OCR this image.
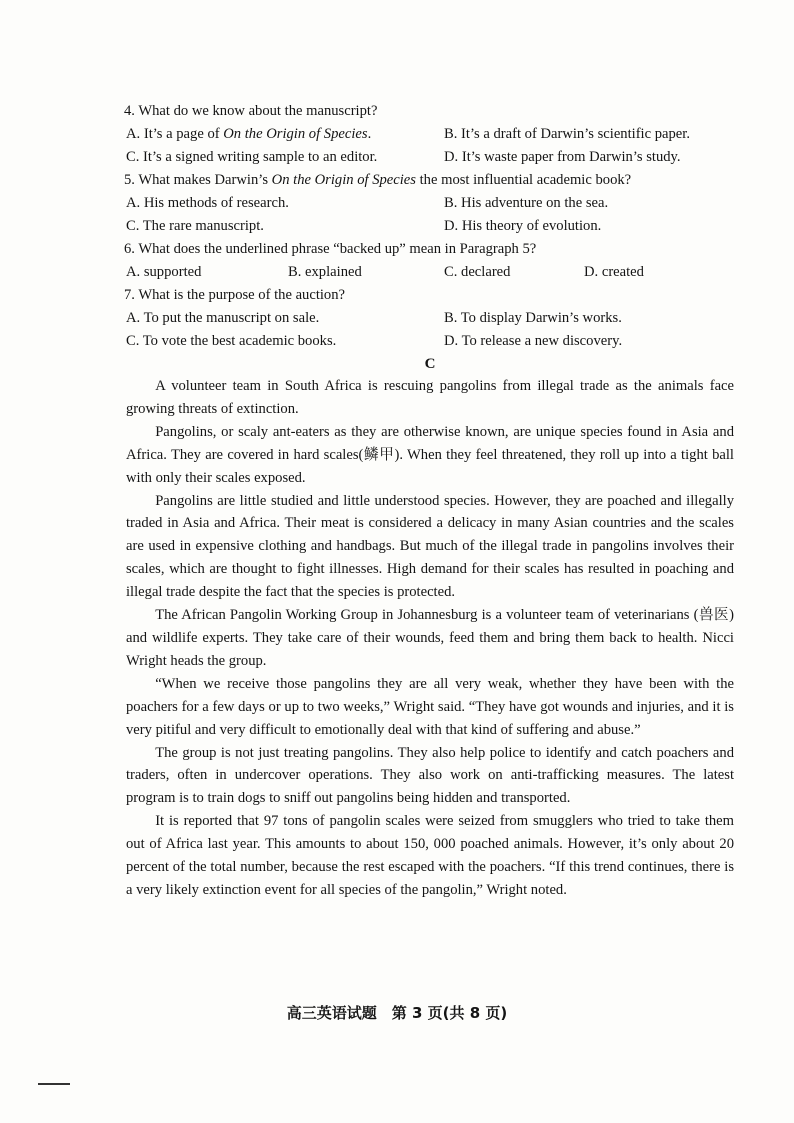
4. What do we know about the manuscript?
A. It’s a page of On the Origin of Species.	B. It’s a draft of Darwin’s scientific paper.
C. It’s a signed writing sample to an editor.	D. It’s waste paper from Darwin’s study.
5. What makes Darwin’s On the Origin of Species the most influential academic book?
A. His methods of research.	B. His adventure on the sea.
C. The rare manuscript.	D. His theory of evolution.
6. What does the underlined phrase “backed up” mean in Paragraph 5?
A. supported	B. explained	C. declared	D. created
7. What is the purpose of the auction?
A. To put the manuscript on sale.	B. To display Darwin’s works.
C. To vote the best academic books.	D. To release a new discovery.
C

A volunteer team in South Africa is rescuing pangolins from illegal trade as the animals face growing threats of extinction.

Pangolins, or scaly ant-eaters as they are otherwise known, are unique species found in Asia and Africa. They are covered in hard scales(鳞甲). When they feel threatened, they roll up into a tight ball with only their scales exposed.

Pangolins are little studied and little understood species. However, they are poached and illegally traded in Asia and Africa. Their meat is considered a delicacy in many Asian countries and the scales are used in expensive clothing and handbags. But much of the illegal trade in pangolins involves their scales, which are thought to fight illnesses. High demand for their scales has resulted in poaching and illegal trade despite the fact that the species is protected.

The African Pangolin Working Group in Johannesburg is a volunteer team of veterinarians (兽医) and wildlife experts. They take care of their wounds, feed them and bring them back to health. Nicci Wright heads the group.

“When we receive those pangolins they are all very weak, whether they have been with the poachers for a few days or up to two weeks,” Wright said. “They have got wounds and injuries, and it is very pitiful and very difficult to emotionally deal with that kind of suffering and abuse.”

The group is not just treating pangolins. They also help police to identify and catch poachers and traders, often in undercover operations. They also work on anti-trafficking measures. The latest program is to train dogs to sniff out pangolins being hidden and transported.

It is reported that 97 tons of pangolin scales were seized from smugglers who tried to take them out of Africa last year. This amounts to about 150, 000 poached animals. However, it’s only about 20 percent of the total number, because the rest escaped with the poachers. “If this trend continues, there is a very likely extinction event for all species of the pangolin,” Wright noted.

高三英语试题　第 3 页(共 8 页)
